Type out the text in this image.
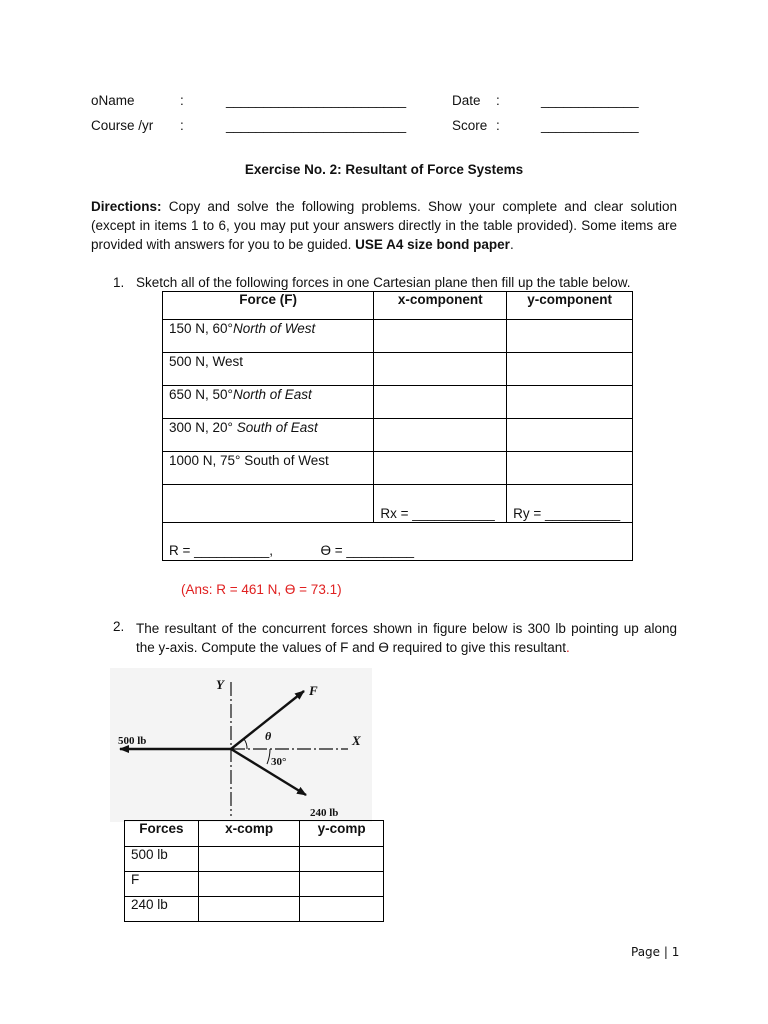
oName	:	________________________	Date :	_____________
Course /yr :	________________________	Score :	_____________
Exercise No. 2: Resultant of Force Systems
Directions: Copy and solve the following problems. Show your complete and clear solution (except in items 1 to 6, you may put your answers directly in the table provided). Some items are provided with answers for you to be guided. USE A4 size bond paper.
1. Sketch all of the following forces in one Cartesian plane then fill up the table below.
Force (F)	x-component	y-component
150 N, 60°North of West		
500 N, West		
650 N, 50°North of East		
300 N, 20° South of East		
1000 N, 75° South of West		
	Rx = ___________	Ry = __________
R = __________, ϴ = _________		
(Ans: R = 461 N, ϴ = 73.1)
2. The resultant of the concurrent forces shown in figure below is 300 lb pointing up along the y-axis. Compute the values of F and ϴ required to give this resultant.
Y
X
F
θ
30°
500 lb
240 lb
Forces	x-comp	y-comp
500 lb		
F		
240 lb		
Page | 1
